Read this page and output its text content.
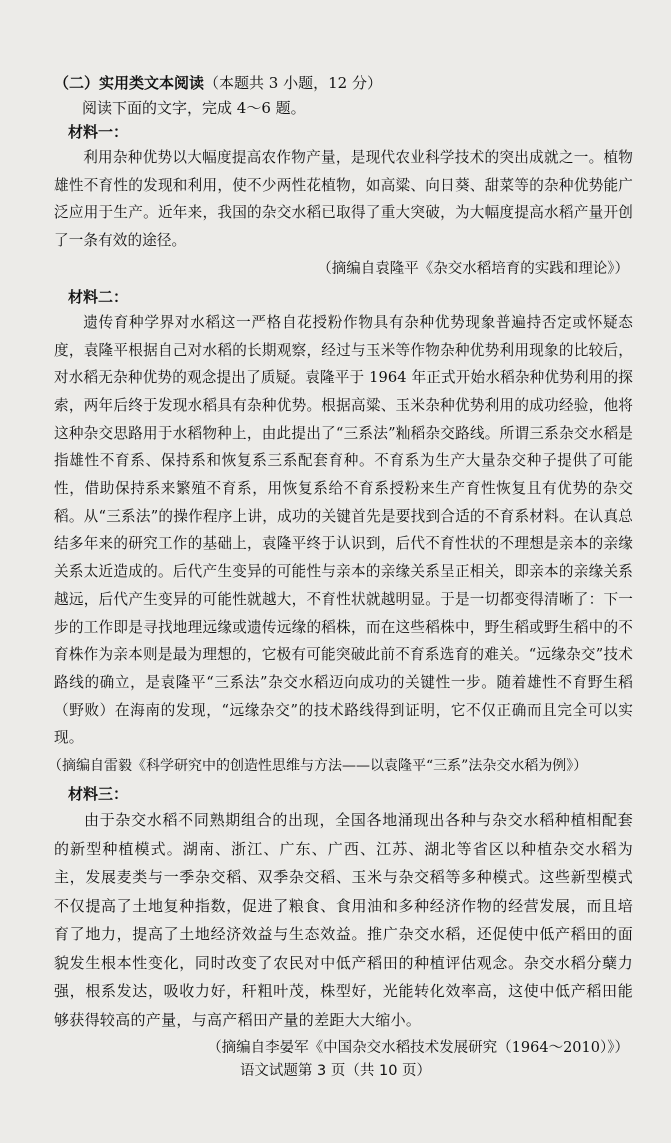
（二）实用类文本阅读（本题共 3 小题，12 分）
阅读下面的文字，完成 4～6 题。
材料一：
利用杂种优势以大幅度提高农作物产量，是现代农业科学技术的突出成就之一。植物雄性不育性的发现和利用，使不少两性花植物，如高粱、向日葵、甜菜等的杂种优势能广泛应用于生产。近年来，我国的杂交水稻已取得了重大突破，为大幅度提高水稻产量开创了一条有效的途径。
（摘编自袁隆平《杂交水稻培育的实践和理论》）
材料二：
遗传育种学界对水稻这一严格自花授粉作物具有杂种优势现象普遍持否定或怀疑态度，袁隆平根据自己对水稻的长期观察，经过与玉米等作物杂种优势利用现象的比较后，对水稻无杂种优势的观念提出了质疑。袁隆平于 1964 年正式开始水稻杂种优势利用的探索，两年后终于发现水稻具有杂种优势。根据高粱、玉米杂种优势利用的成功经验，他将这种杂交思路用于水稻物种上，由此提出了“三系法”籼稻杂交路线。所谓三系杂交水稻是指雄性不育系、保持系和恢复系三系配套育种。不育系为生产大量杂交种子提供了可能性，借助保持系来繁殖不育系，用恢复系给不育系授粉来生产育性恢复且有优势的杂交稻。从“三系法”的操作程序上讲，成功的关键首先是要找到合适的不育系材料。在认真总结多年来的研究工作的基础上，袁隆平终于认识到，后代不育性状的不理想是亲本的亲缘关系太近造成的。后代产生变异的可能性与亲本的亲缘关系呈正相关，即亲本的亲缘关系越远，后代产生变异的可能性就越大，不育性状就越明显。于是一切都变得清晰了：下一步的工作即是寻找地理远缘或遗传远缘的稻株，而在这些稻株中，野生稻或野生稻中的不育株作为亲本则是最为理想的，它极有可能突破此前不育系选育的难关。“远缘杂交”技术路线的确立，是袁隆平“三系法”杂交水稻迈向成功的关键性一步。随着雄性不育野生稻（野败）在海南的发现，“远缘杂交”的技术路线得到证明，它不仅正确而且完全可以实现。
（摘编自雷毅《科学研究中的创造性思维与方法——以袁隆平“三系”法杂交水稻为例》）
材料三：
由于杂交水稻不同熟期组合的出现，全国各地涌现出各种与杂交水稻种植相配套的新型种植模式。湖南、浙江、广东、广西、江苏、湖北等省区以种植杂交水稻为主，发展麦类与一季杂交稻、双季杂交稻、玉米与杂交稻等多种模式。这些新型模式不仅提高了土地复种指数，促进了粮食、食用油和多种经济作物的经营发展，而且培育了地力，提高了土地经济效益与生态效益。推广杂交水稻，还促使中低产稻田的面貌发生根本性变化，同时改变了农民对中低产稻田的种植评估观念。杂交水稻分蘖力强，根系发达，吸收力好，秆粗叶茂，株型好，光能转化效率高，这使中低产稻田能够获得较高的产量，与高产稻田产量的差距大大缩小。
（摘编自李晏军《中国杂交水稻技术发展研究（1964～2010）》）
语文试题第 3 页（共 10 页）
